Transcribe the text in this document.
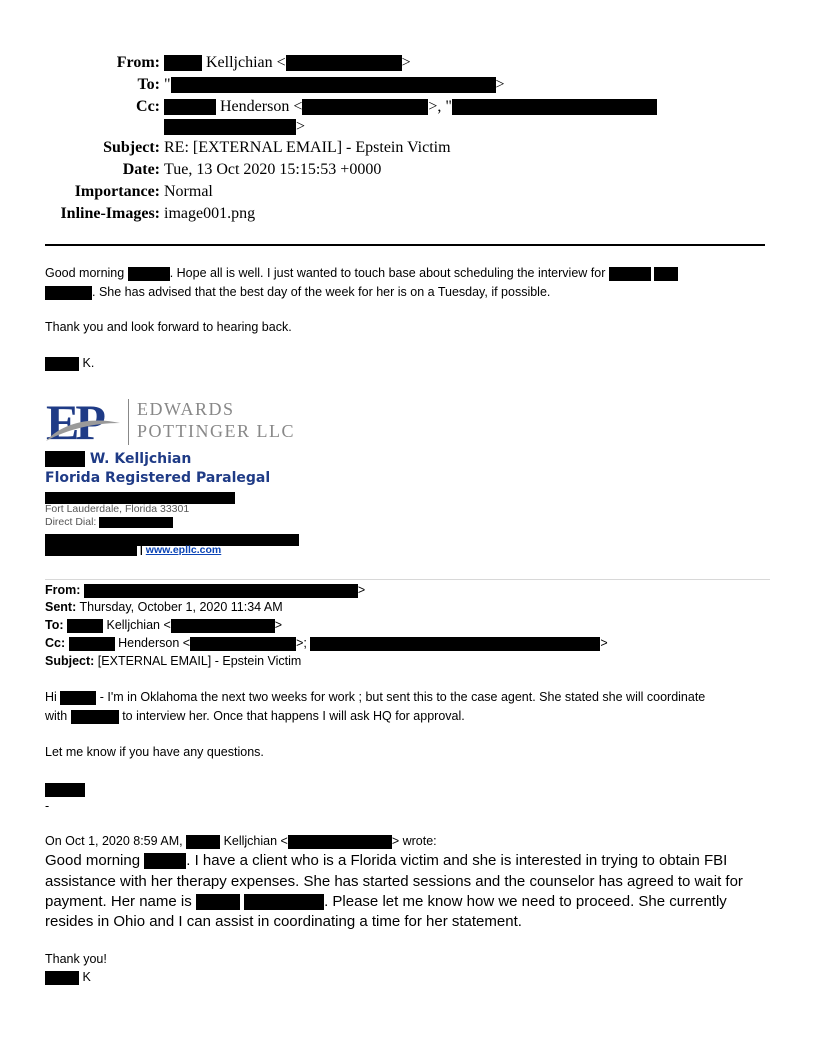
From:	Kelljchian <	>
To: "	>
Cc:	Henderson <	>, "
>
Subject: RE: [EXTERNAL EMAIL] - Epstein Victim
Date: Tue, 13 Oct 2020 15:15:53 +0000
Importance: Normal
Inline-Images: image001.png
Good morning	. Hope all is well. I just wanted to touch base about scheduling the interview for
. She has advised that the best day of the week for her is on a Tuesday, if possible.
Thank you and look forward to hearing back.
K.
EP EDWARDS
POTTINGER LLC
W. Kelljchian
Florida Registered Paralegal
Fort Lauderdale, Florida 33301
Direct Dial:
| www.epllc.com
From:	>
Sent: Thursday, October 1, 2020 11:34 AM
To:	Kelljchian <	>
Cc:	Henderson <	>;	>
Subject: [EXTERNAL EMAIL] - Epstein Victim
Hi	- I'm in Oklahoma the next two weeks for work ; but sent this to the case agent. She stated she will coordinate
with	to interview her. Once that happens I will ask HQ for approval.
Let me know if you have any questions.
-
On Oct 1, 2020 8:59 AM,	Kelljchian <	> wrote:
Good morning	. I have a client who is a Florida victim and she is interested in trying to obtain FBI
assistance with her therapy expenses. She has started sessions and the counselor has agreed to wait for
payment. Her name is	. Please let me know how we need to proceed. She currently
resides in Ohio and I can assist in coordinating a time for her statement.
Thank you!
K
